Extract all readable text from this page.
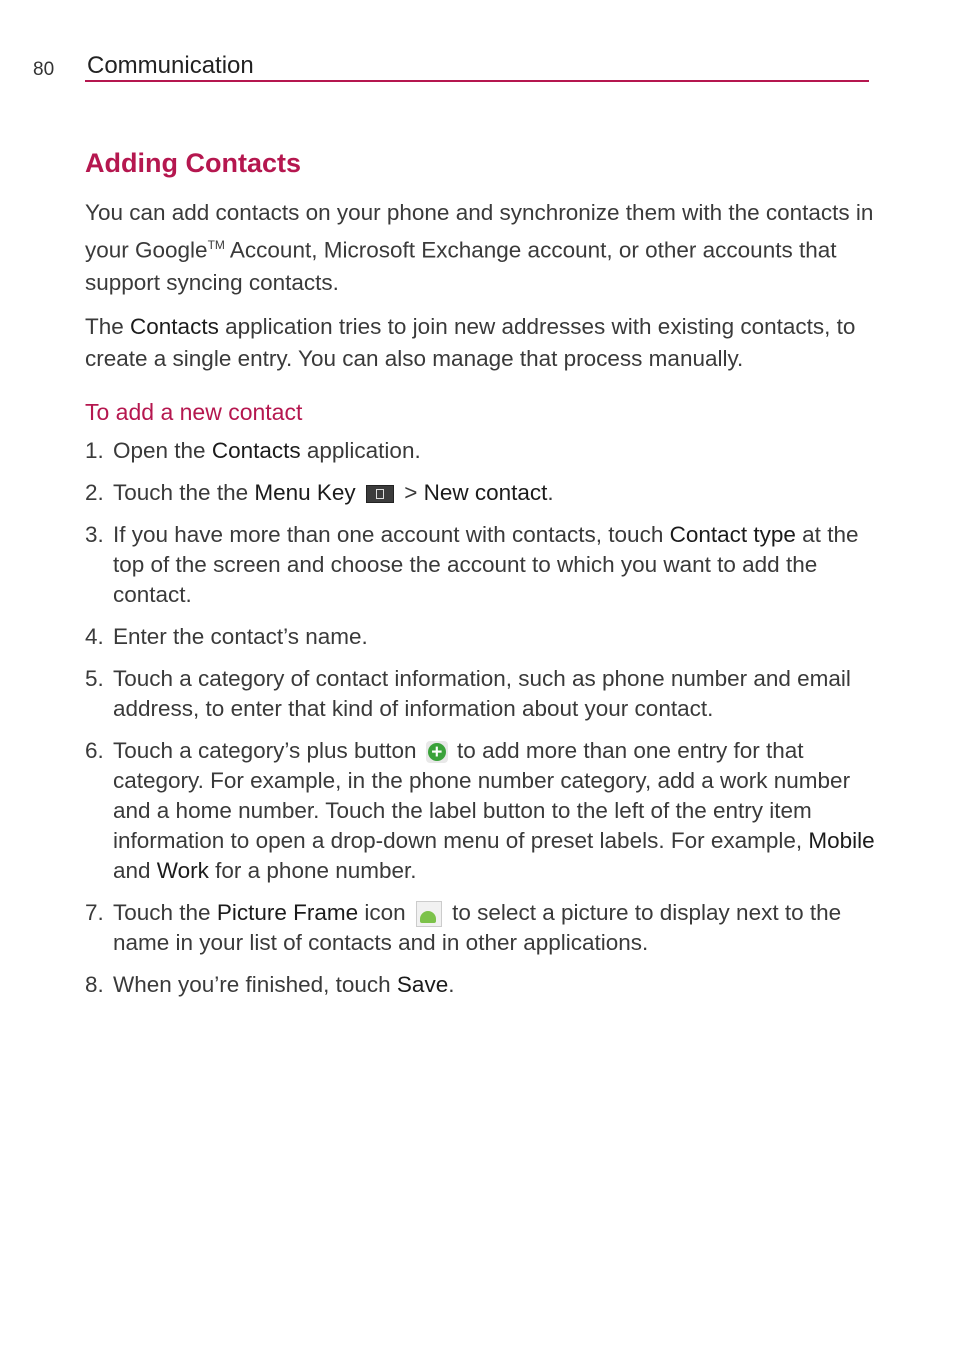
80 Communication
Adding Contacts

You can add contacts on your phone and synchronize them with the contacts in your Google™ Account, Microsoft Exchange account, or other accounts that support syncing contacts.

The Contacts application tries to join new addresses with existing contacts, to create a single entry. You can also manage that process manually.

To add a new contact
1. Open the Contacts application.
2. Touch the the Menu Key  > New contact.
3. If you have more than one account with contacts, touch Contact type at the top of the screen and choose the account to which you want to add the contact.
4. Enter the contact’s name.
5. Touch a category of contact information, such as phone number and email address, to enter that kind of information about your contact.
6. Touch a category’s plus button + to add more than one entry for that category. For example, in the phone number category, add a work number and a home number. Touch the label button to the left of the entry item information to open a drop-down menu of preset labels. For example, Mobile and Work for a phone number.
7. Touch the Picture Frame icon  to select a picture to display next to the name in your list of contacts and in other applications.
8. When you’re finished, touch Save.
